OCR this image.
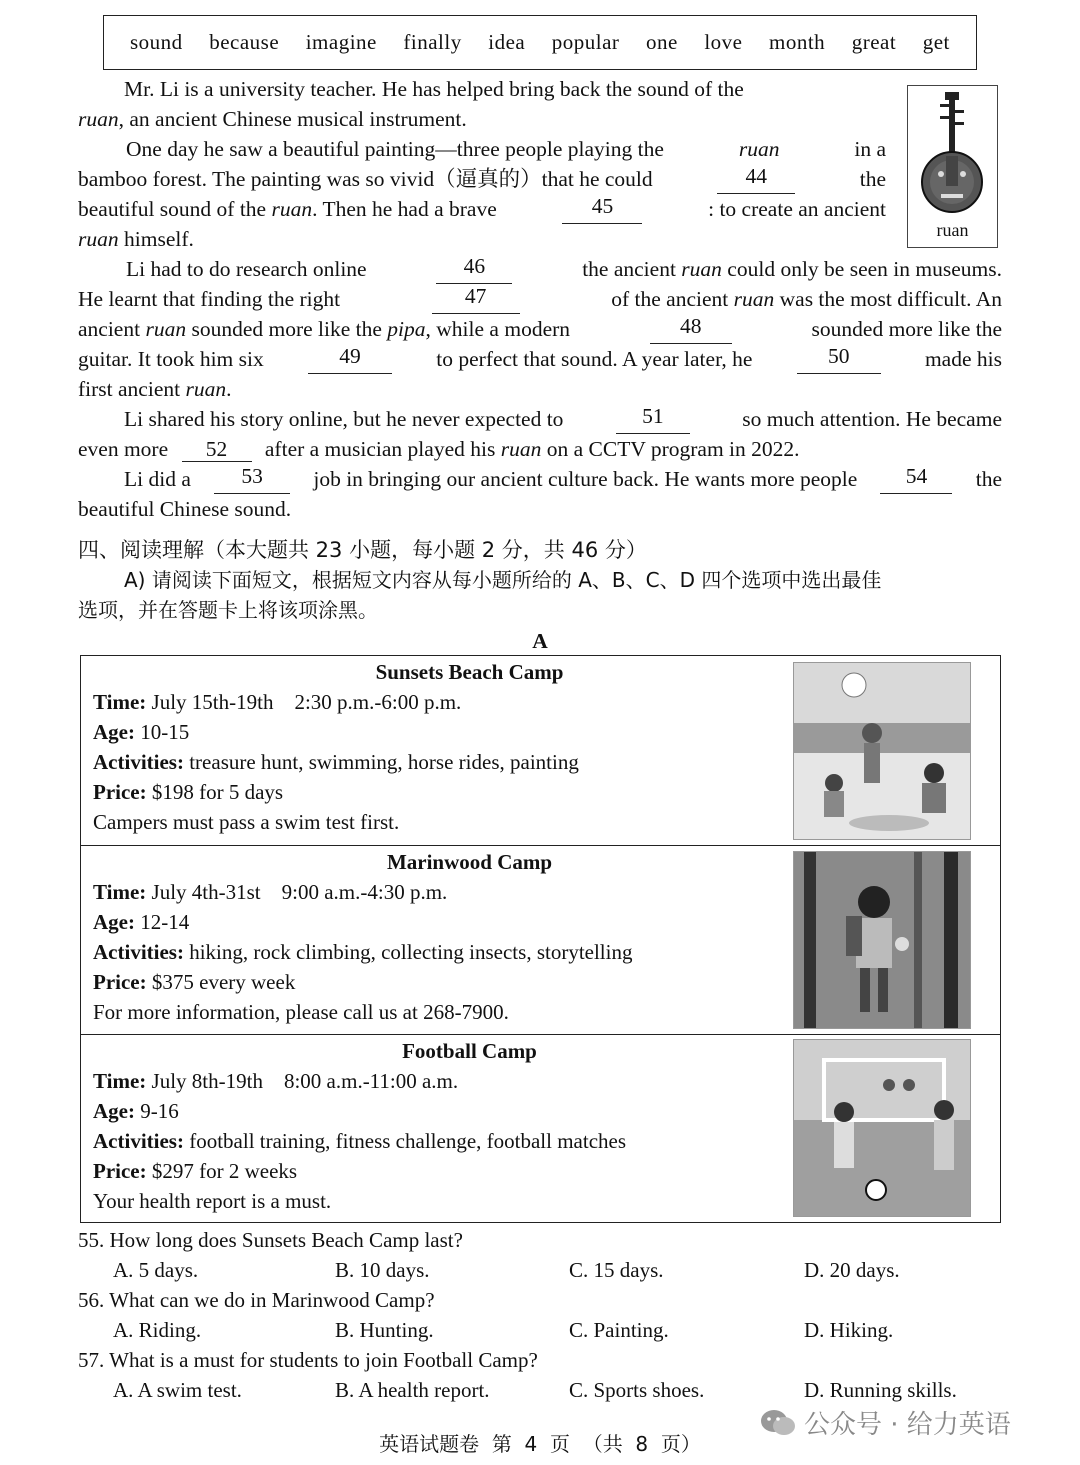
sound because imagine finally idea popular one love month great get
ruan
Mr. Li is a university teacher. He has helped bring back the sound of the
ruan, an ancient Chinese musical instrument.
One day he saw a beautiful painting—three people playing the	ruan	in a
bamboo forest. The painting was so vivid（逼真的）that he could	44	the
beautiful sound of the ruan. Then he had a brave	45	: to create an ancient
ruan himself.
Li had to do research online	46	the ancient ruan could only be seen in museums.
He learnt that finding the right	47	of the ancient ruan was the most difficult. An
ancient ruan sounded more like the pipa, while a modern	48	sounded more like the
guitar. It took him six	49	to perfect that sound. A year later, he	50	made his
first ancient ruan.
Li shared his story online, but he never expected to	51	so much attention. He became
even more 52 after a musician played his ruan on a CCTV program in 2022.
Li did a	53	job in bringing our ancient culture back. He wants more people	54	the
beautiful Chinese sound.
四、阅读理解（本大题共 23 小题，每小题 2 分，共 46 分）
A) 请阅读下面短文，根据短文内容从每小题所给的 A、B、C、D 四个选项中选出最佳
选项，并在答题卡上将该项涂黑。
A
Sunsets Beach Camp
Time: July 15th-19th    2:30 p.m.-6:00 p.m.
Age: 10-15
Activities: treasure hunt, swimming, horse rides, painting
Price: $198 for 5 days
Campers must pass a swim test first.
Marinwood Camp
Time: July 4th-31st    9:00 a.m.-4:30 p.m.
Age: 12-14
Activities: hiking, rock climbing, collecting insects, storytelling
Price: $375 every week
For more information, please call us at 268-7900.
Football Camp
Time: July 8th-19th    8:00 a.m.-11:00 a.m.
Age: 9-16
Activities: football training, fitness challenge, football matches
Price: $297 for 2 weeks
Your health report is a must.
55. How long does Sunsets Beach Camp last?
A. 5 days.	B. 10 days.	C. 15 days.	D. 20 days.
56. What can we do in Marinwood Camp?
A. Riding.	B. Hunting.	C. Painting.	D. Hiking.
57. What is a must for students to join Football Camp?
A. A swim test.	B. A health report.	C. Sports shoes.	D. Running skills.
公众号 · 给力英语
英语试题卷  第  4  页  （共  8  页）
